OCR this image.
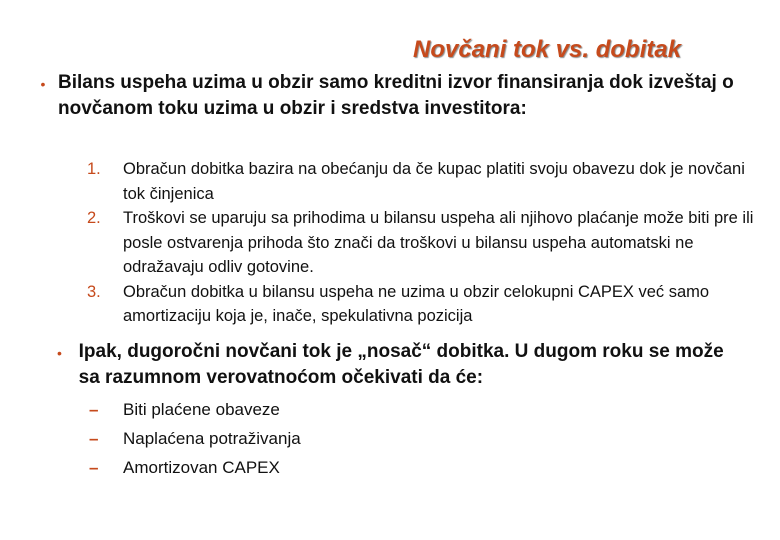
Novčani tok vs. dobitak
• Bilans uspeha uzima u obzir samo kreditni izvor finansiranja dok izveštaj o novčanom toku uzima u obzir i sredstva investitora:
1.	Obračun dobitka bazira na obećanju da če kupac platiti svoju obavezu dok je novčani tok činjenica
2.	Troškovi se uparuju sa prihodima u bilansu uspeha ali njihovo plaćanje može biti pre ili posle ostvarenja prihoda što znači da troškovi u bilansu uspeha automatski ne odražavaju odliv gotovine.
3.	Obračun dobitka u bilansu uspeha ne uzima u obzir celokupni CAPEX već samo amortizaciju koja je, inače, spekulativna pozicija
• Ipak, dugoročni novčani tok je „nosač“ dobitka. U dugom roku se može sa razumnom verovatnoćom očekivati da će:
–	Biti plaćene obaveze
–	Naplaćena potraživanja
–	Amortizovan CAPEX
